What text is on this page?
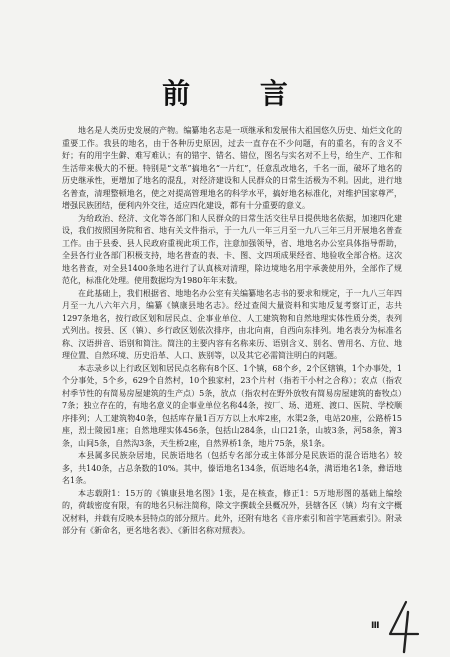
前 言

地名是人类历史发展的产物。编纂地名志是一项继承和发展伟大祖国悠久历史、灿烂文化的重要工作。我县的地名，由于各种历史原因，过去一直存在不少问题，有的重名，有的含义不好；有的用字生僻、难写难认；有的错字、错名、错位，图名与实名对不上号，给生产、工作和生活带来极大的不便。特别是“文革”搞地名“一片红”，任意乱改地名，千名一面，破坏了地名的历史继承性，更增加了地名的混乱，对经济建设和人民群众的日常生活极为不利。因此，进行地名普查，清理整顿地名，使之对提高管理地名的科学水平，搞好地名标准化，对维护国家尊严，增强民族团结，便利内外交往，适应四化建设，都有十分重要的意义。

为给政治、经济、文化等各部门和人民群众的日常生活交往早日提供地名依据，加速四化建设，我们按照国务院和省、地有关文件指示，于一九八一年三月至一九八三年三月开展地名普查工作。由于县委、县人民政府重视此项工作，注意加强领导，省、地地名办公室具体指导帮助，全县各行业各部门积极支持，地名普查的表、卡、图、文四项成果经省、地验收全部合格。这次地名普查，对全县1400条地名进行了认真核对清理，除边境地名用字承袭使用外，全部作了规范化，标准化处理。使用数据均为1980年年末数。

在此基础上，我们根据省、地地名办公室有关编纂地名志书的要求和规定，于一九八三年四月至一九八六年六月，编纂《镇康县地名志》。经过查阅大量资料和实地反复考察订正，志共1297条地名，按行政区划和居民点、企事业单位、人工建筑物和自然地理实体性质分类，表列式列出。按县、区（镇）、乡行政区划依次排序，由北向南，自西向东排列。地名表分为标准名称、汉语拼音、语别和简注。简注的主要内容有名称来历、语别含义、别名、曾用名、方位、地理位置、自然环境、历史沿革、人口、族别等，以及其它必需简注明白的问题。

本志录乡以上行政区划和居民点名称有8个区、1个镇，68个乡，2个区辖镇，1个办事处，1个分事处，5个乡，629个自然村，10个独家村，23个片村（指若干小村之合称）；农点（指农村季节性的有简易房屋建筑的生产点）5条，放点（指农村在野外放牧有简易房屋建筑的畜牧点）7条；独立存在的，有地名意义的企事业单位名称44条，按厂、场、道班、渡口、医院、学校顺序排列；人工建筑物40条，包括库存量1百万方以上水库2座，水渠2条，电站20座，公路桥15座，烈士陵园1座；自然地理实体456条，包括山284条，山口21条，山坡3条，河58条，箐3条，山间5条，自然沟3条，天生桥2座，自然界桥1条，地片75条，泉1条。

本县属多民族杂居地，民族语地名（包括专名部分或主体部分是民族语的混合语地名）较多，共140条，占总条数的10%。其中，傣语地名134条，佤语地名4条，满语地名1条，彝语地名1条。

本志载附1：15万的《镇康县地名图》1张，是在核查，修正1：5万地形图的基础上编绘的，荷载密度有限，有的地名只标注简称，除文字撰载全县概况外，县辖各区（镇）均有文字概况材料，并载有反映本县特点的部分照片。此外，还附有地名《音序索引和首字笔画索引》。附录部分有《新命名，更名地名表》、《新旧名称对照表》。

Ⅲ
